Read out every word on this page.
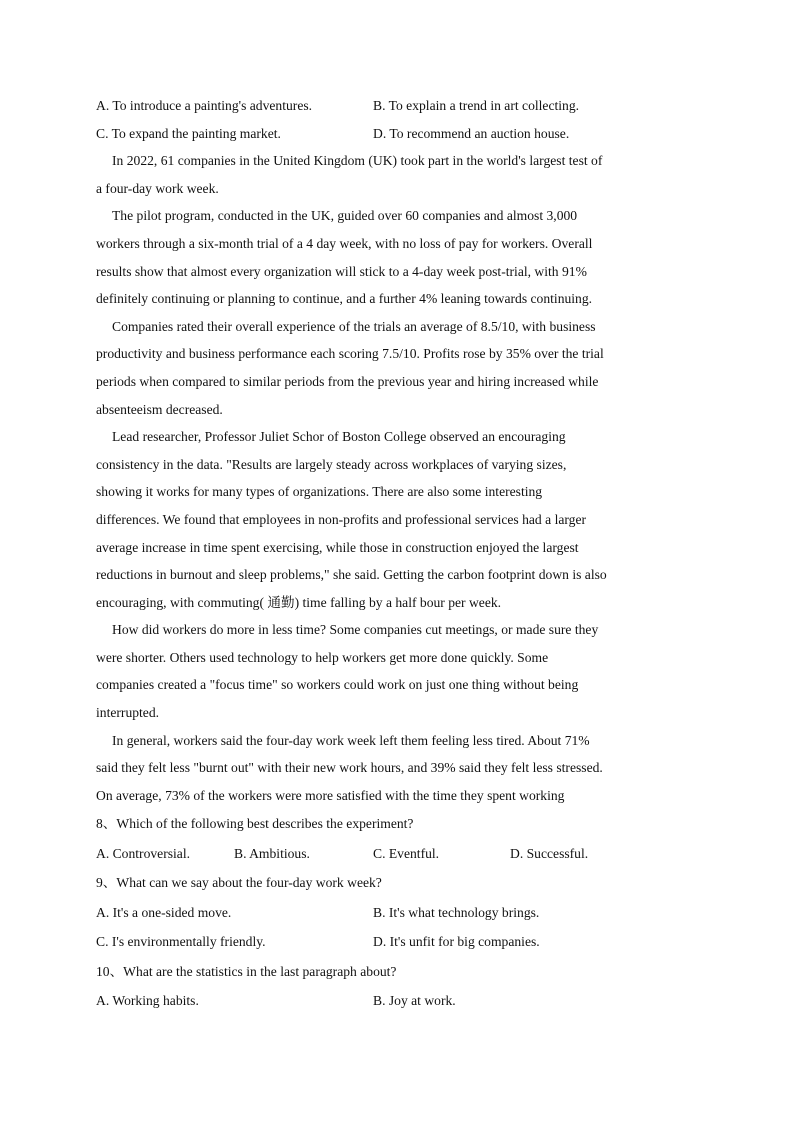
A. To introduce a painting's adventures.	B. To explain a trend in art collecting.
C. To expand the painting market.	D. To recommend an auction house.
In 2022, 61 companies in the United Kingdom (UK) took part in the world's largest test of
a four-day work week.
The pilot program, conducted in the UK, guided over 60 companies and almost 3,000
workers through a six-month trial of a 4 day week, with no loss of pay for workers. Overall
results show that almost every organization will stick to a 4-day week post-trial, with 91%
definitely continuing or planning to continue, and a further 4% leaning towards continuing.
Companies rated their overall experience of the trials an average of 8.5/10, with business
productivity and business performance each scoring 7.5/10. Profits rose by 35% over the trial
periods when compared to similar periods from the previous year and hiring increased while
absenteeism decreased.
Lead researcher, Professor Juliet Schor of Boston College observed an encouraging
consistency in the data. "Results are largely steady across workplaces of varying sizes,
showing it works for many types of organizations. There are also some interesting
differences. We found that employees in non-profits and professional services had a larger
average increase in time spent exercising, while those in construction enjoyed the largest
reductions in burnout and sleep problems," she said. Getting the carbon footprint down is also
encouraging, with commuting( 通勤) time falling by a half bour per week.
How did workers do more in less time? Some companies cut meetings, or made sure they
were shorter. Others used technology to help workers get more done quickly. Some
companies created a "focus time" so workers could work on just one thing without being
interrupted.
In general, workers said the four-day work week left them feeling less tired. About 71%
said they felt less "burnt out" with their new work hours, and 39% said they felt less stressed.
On average, 73% of the workers were more satisfied with the time they spent working
8、Which of the following best describes the experiment?
A. Controversial.	B. Ambitious.	C. Eventful.	D. Successful.
9、What can we say about the four-day work week?
A. It's a one-sided move.	B. It's what technology brings.
C. I's environmentally friendly.	D. It's unfit for big companies.
10、What are the statistics in the last paragraph about?
A. Working habits.	B. Joy at work.
